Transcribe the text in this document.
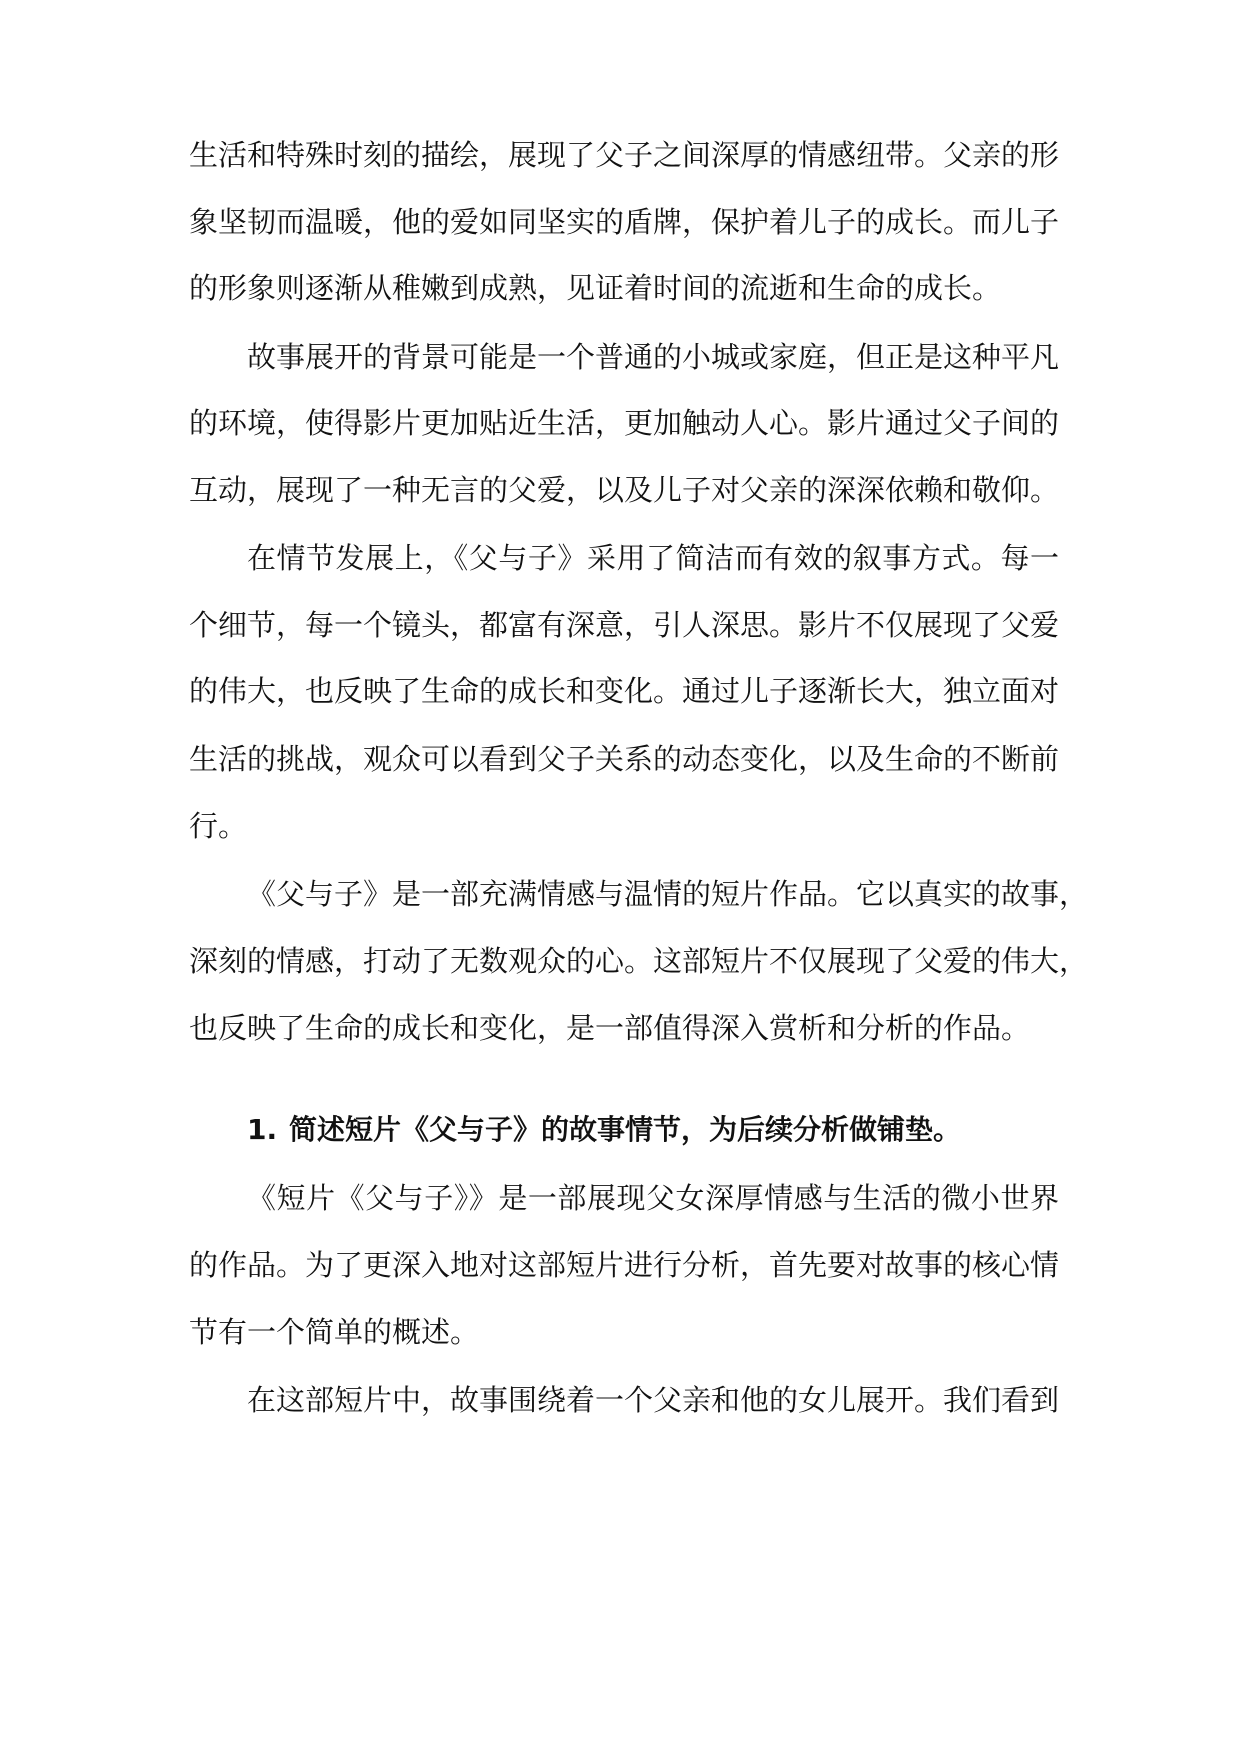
生活和特殊时刻的描绘，展现了父子之间深厚的情感纽带。父亲的形
象坚韧而温暖，他的爱如同坚实的盾牌，保护着儿子的成长。而儿子
的形象则逐渐从稚嫩到成熟，见证着时间的流逝和生命的成长。
故事展开的背景可能是一个普通的小城或家庭，但正是这种平凡
的环境，使得影片更加贴近生活，更加触动人心。影片通过父子间的
互动，展现了一种无言的父爱，以及儿子对父亲的深深依赖和敬仰。
在情节发展上，《父与子》采用了简洁而有效的叙事方式。每一
个细节，每一个镜头，都富有深意，引人深思。影片不仅展现了父爱
的伟大，也反映了生命的成长和变化。通过儿子逐渐长大，独立面对
生活的挑战，观众可以看到父子关系的动态变化，以及生命的不断前
行。
《父与子》是一部充满情感与温情的短片作品。它以真实的故事，
深刻的情感，打动了无数观众的心。这部短片不仅展现了父爱的伟大，
也反映了生命的成长和变化，是一部值得深入赏析和分析的作品。
1. 简述短片《父与子》的故事情节，为后续分析做铺垫。
《短片《父与子》》是一部展现父女深厚情感与生活的微小世界
的作品。为了更深入地对这部短片进行分析，首先要对故事的核心情
节有一个简单的概述。
在这部短片中，故事围绕着一个父亲和他的女儿展开。我们看到
